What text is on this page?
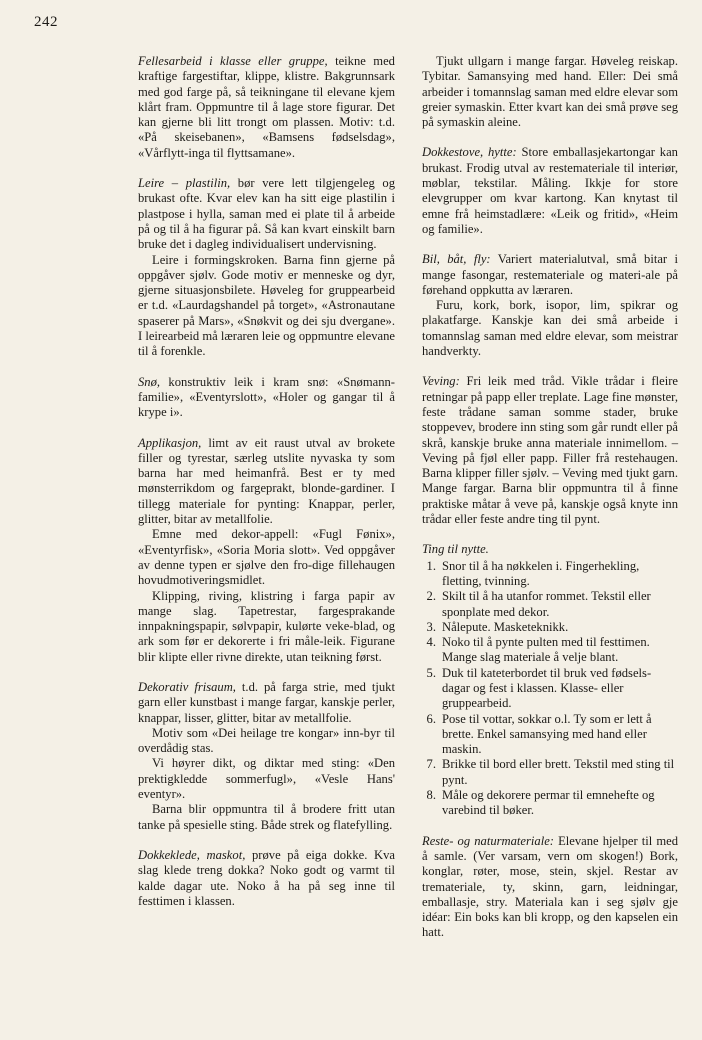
242

Fellesarbeid i klasse eller gruppe, teikne med kraftige fargestiftar, klippe, klistre. Bakgrunnsark med god farge på, så teikningane til elevane kjem klårt fram. Oppmuntre til å lage store figurar. Det kan gjerne bli litt trongt om plassen. Motiv: t.d. «På skeisebanen», «Bamsens fødselsdag», «Vårflytt-inga til flyttsamane».

Leire – plastilin, bør vere lett tilgjengeleg og brukast ofte. Kvar elev kan ha sitt eige plastilin i plastpose i hylla, saman med ei plate til å arbeide på og til å ha figurar på. Så kan kvart einskilt barn bruke det i dagleg individualisert undervisning.

Leire i formingskroken. Barna finn gjerne på oppgåver sjølv. Gode motiv er menneske og dyr, gjerne situasjonsbilete. Høveleg for gruppearbeid er t.d. «Laurdagshandel på torget», «Astronautane spaserer på Mars», «Snøkvit og dei sju dvergane». I leirearbeid må læraren leie og oppmuntre elevane til å forenkle.

Snø, konstruktiv leik i kram snø: «Snømann-familie», «Eventyrslott», «Holer og gangar til å krype i».

Applikasjon, limt av eit raust utval av brokete filler og tyrestar, særleg utslite nyvaska ty som barna har med heimanfrå. Best er ty med mønsterrikdom og fargeprakt, blonde-gardiner. I tillegg materiale for pynting: Knappar, perler, glitter, bitar av metallfolie.

Emne med dekor-appell: «Fugl Fønix», «Eventyrfisk», «Soria Moria slott». Ved oppgåver av denne typen er sjølve den fro-dige fillehaugen hovudmotiveringsmidlet.

Klipping, riving, klistring i farga papir av mange slag. Tapetrestar, fargesprakande innpakningspapir, sølvpapir, kulørte veke-blad, og ark som før er dekorerte i fri måle-leik. Figurane blir klipte eller rivne direkte, utan teikning først.

Dekorativ frisaum, t.d. på farga strie, med tjukt garn eller kunstbast i mange fargar, kanskje perler, knappar, lisser, glitter, bitar av metallfolie.

Motiv som «Dei heilage tre kongar» inn-byr til overdådig stas.

Vi høyrer dikt, og diktar med sting: «Den prektigkledde sommerfugl», «Vesle Hans' eventyr».

Barna blir oppmuntra til å brodere fritt utan tanke på spesielle sting. Både strek og flatefylling.

Dokkeklede, maskot, prøve på eiga dokke. Kva slag klede treng dokka? Noko godt og varmt til kalde dagar ute. Noko å ha på seg inne til festtimen i klassen.

Tjukt ullgarn i mange fargar. Høveleg reiskap. Tybitar. Samansying med hand. Eller: Dei små arbeider i tomannslag saman med eldre elevar som greier symaskin. Etter kvart kan dei små prøve seg på symaskin aleine.

Dokkestove, hytte: Store emballasjekartongar kan brukast. Frodig utval av restemateriale til interiør, møblar, tekstilar. Måling. Ikkje for store elevgrupper om kvar kartong. Kan knytast til emne frå heimstadlære: «Leik og fritid», «Heim og familie».

Bil, båt, fly: Variert materialutval, små bitar i mange fasongar, restemateriale og materi-ale på førehand oppkutta av læraren.

Furu, kork, bork, isopor, lim, spikrar og plakatfarge. Kanskje kan dei små arbeide i tomannslag saman med eldre elevar, som meistrar handverkty.

Veving: Fri leik med tråd. Vikle trådar i fleire retningar på papp eller treplate. Lage fine mønster, feste trådane saman somme stader, bruke stoppevev, brodere inn sting som går rundt eller på skrå, kanskje bruke anna materiale innimellom. – Veving på fjøl eller papp. Filler frå restehaugen. Barna klipper filler sjølv. – Veving med tjukt garn. Mange fargar. Barna blir oppmuntra til å finne praktiske måtar å veve på, kanskje også knyte inn trådar eller feste andre ting til pynt.

Ting til nytte.

1. Snor til å ha nøkkelen i. Fingerhekling, fletting, tvinning.
2. Skilt til å ha utanfor rommet. Tekstil eller sponplate med dekor.
3. Nålepute. Masketeknikk.
4. Noko til å pynte pulten med til festtimen. Mange slag materiale å velje blant.
5. Duk til kateterbordet til bruk ved fødsels-dagar og fest i klassen. Klasse- eller gruppearbeid.
6. Pose til vottar, sokkar o.l. Ty som er lett å brette. Enkel samansying med hand eller maskin.
7. Brikke til bord eller brett. Tekstil med sting til pynt.
8. Måle og dekorere permar til emnehefte og varebind til bøker.

Reste- og naturmateriale: Elevane hjelper til med å samle. (Ver varsam, vern om skogen!) Bork, konglar, røter, mose, stein, skjel. Restar av tremateriale, ty, skinn, garn, leidningar, emballasje, stry. Materiala kan i seg sjølv gje idéar: Ein boks kan bli kropp, og den kapselen ein hatt.
